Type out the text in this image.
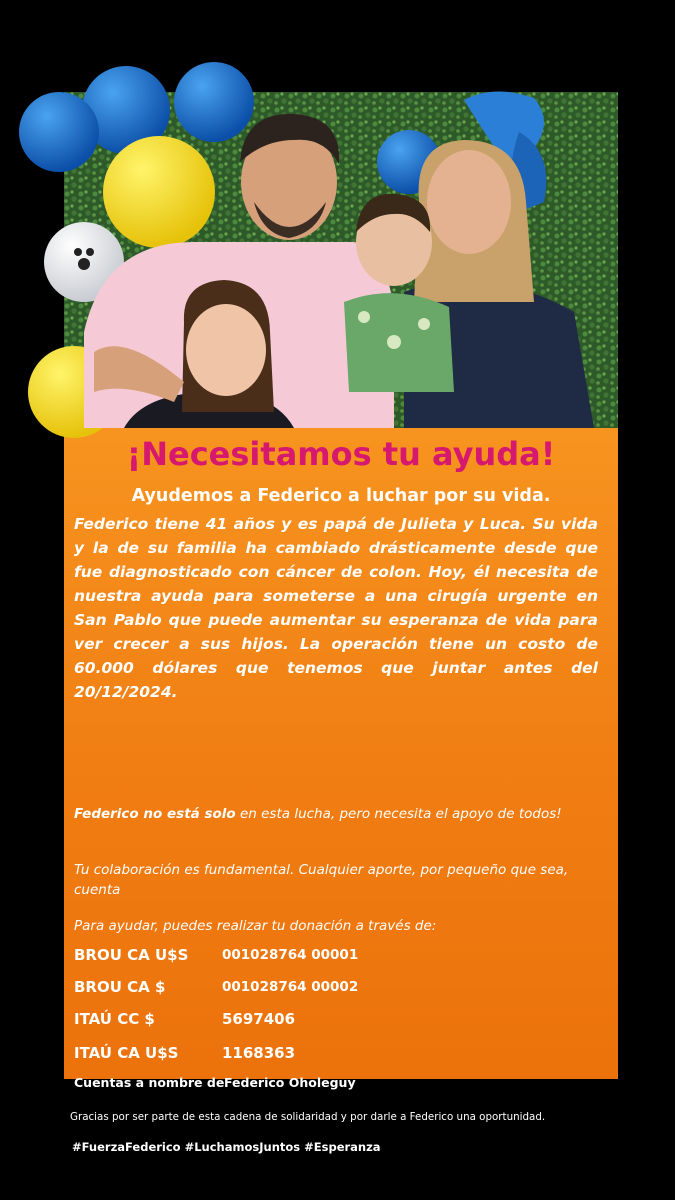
¡Necesitamos tu ayuda!
Ayudemos a Federico a luchar por su vida.

Federico tiene 41 años y es papá de Julieta y Luca. Su vida y la de su familia ha cambiado drásticamente desde que fue diagnosticado con cáncer de colon. Hoy, él necesita de nuestra ayuda para someterse a una cirugía urgente en San Pablo que puede aumentar su esperanza de vida para ver crecer a sus hijos. La operación tiene un costo de 60.000 dólares que tenemos que juntar antes del 20/12/2024.

Federico no está solo en esta lucha, pero necesita el apoyo de todos!

Tu colaboración es fundamental. Cualquier aporte, por pequeño que sea, cuenta

Para ayudar, puedes realizar tu donación a través de:

BROU CA U$S 001028764 00001
BROU CA $	001028764 00002
ITAÚ CC $	5697406
ITAÚ CA U$S	1168363
Cuentas a nombre de Federico Oholeguy
Gracias por ser parte de esta cadena de solidaridad y por darle a Federico una oportunidad.
#FuerzaFederico #LuchamosJuntos #Esperanza
